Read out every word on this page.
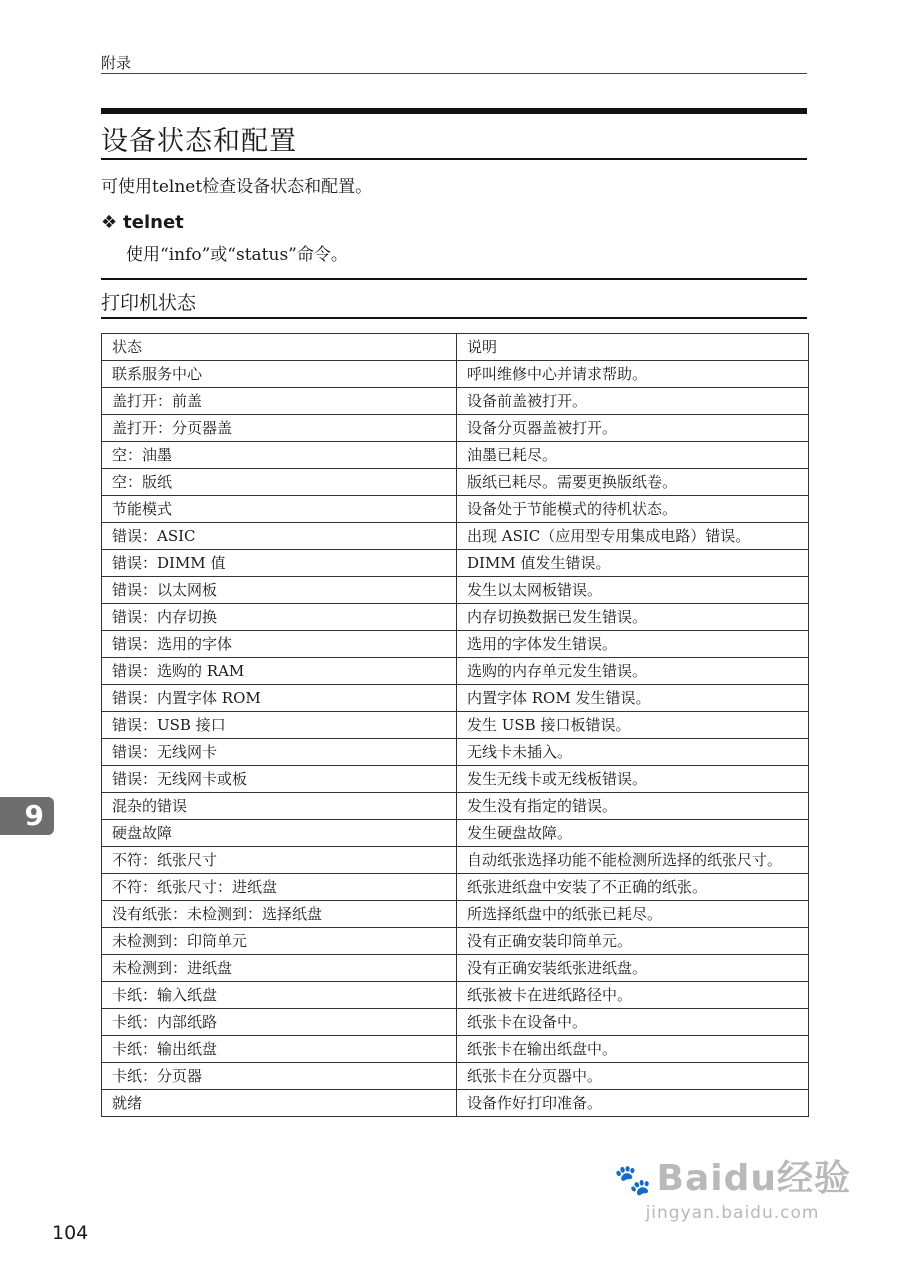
附录
设备状态和配置
可使用telnet检查设备状态和配置。
❖ telnet
使用“info”或“status”命令。
打印机状态
状态	说明
联系服务中心	呼叫维修中心并请求帮助。
盖打开：前盖	设备前盖被打开。
盖打开：分页器盖	设备分页器盖被打开。
空：油墨	油墨已耗尽。
空：版纸	版纸已耗尽。需要更换版纸卷。
节能模式	设备处于节能模式的待机状态。
错误：ASIC	出现 ASIC（应用型专用集成电路）错误。
错误：DIMM 值	DIMM 值发生错误。
错误：以太网板	发生以太网板错误。
错误：内存切换	内存切换数据已发生错误。
错误：选用的字体	选用的字体发生错误。
错误：选购的 RAM	选购的内存单元发生错误。
错误：内置字体 ROM	内置字体 ROM 发生错误。
错误：USB 接口	发生 USB 接口板错误。
错误：无线网卡	无线卡未插入。
错误：无线网卡或板	发生无线卡或无线板错误。
混杂的错误	发生没有指定的错误。
硬盘故障	发生硬盘故障。
不符：纸张尺寸	自动纸张选择功能不能检测所选择的纸张尺寸。
不符：纸张尺寸：进纸盘	纸张进纸盘中安装了不正确的纸张。
没有纸张：未检测到：选择纸盘	所选择纸盘中的纸张已耗尽。
未检测到：印筒单元	没有正确安装印筒单元。
未检测到：进纸盘	没有正确安装纸张进纸盘。
卡纸：输入纸盘	纸张被卡在进纸路径中。
卡纸：内部纸路	纸张卡在设备中。
卡纸：输出纸盘	纸张卡在输出纸盘中。
卡纸：分页器	纸张卡在分页器中。
就绪	设备作好打印准备。
9
104
🐾 Baidu经验
jingyan.baidu.com
